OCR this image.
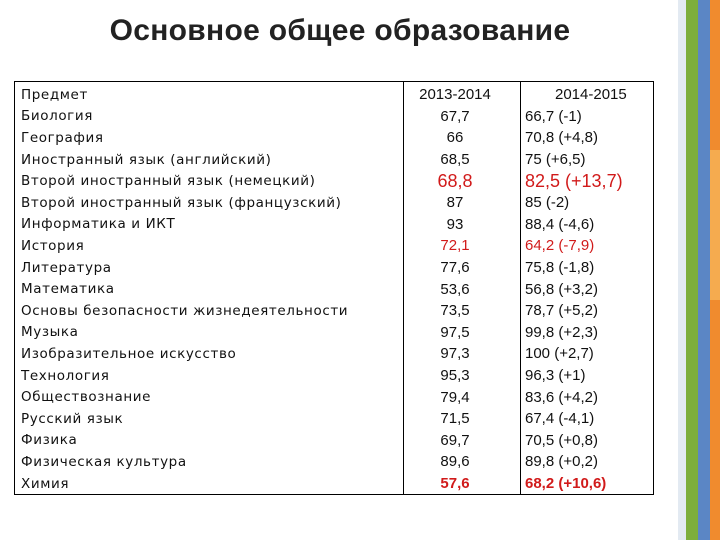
Основное общее образование
Предмет	2013-2014	2014-2015
Биология	67,7	66,7 (-1)
География	66	70,8 (+4,8)
Иностранный язык (английский)	68,5	75 (+6,5)
Второй иностранный язык (немецкий)	68,8	82,5 (+13,7)
Второй иностранный язык (французский)	87	85 (-2)
Информатика и ИКТ	93	88,4 (-4,6)
История	72,1	64,2 (-7,9)
Литература	77,6	75,8 (-1,8)
Математика	53,6	56,8 (+3,2)
Основы безопасности жизнедеятельности	73,5	78,7 (+5,2)
Музыка	97,5	99,8 (+2,3)
Изобразительное искусство	97,3	100 (+2,7)
Технология	95,3	96,3 (+1)
Обществознание	79,4	83,6 (+4,2)
Русский язык	71,5	67,4 (-4,1)
Физика	69,7	70,5 (+0,8)
Физическая культура	89,6	89,8 (+0,2)
Химия	57,6	68,2 (+10,6)
